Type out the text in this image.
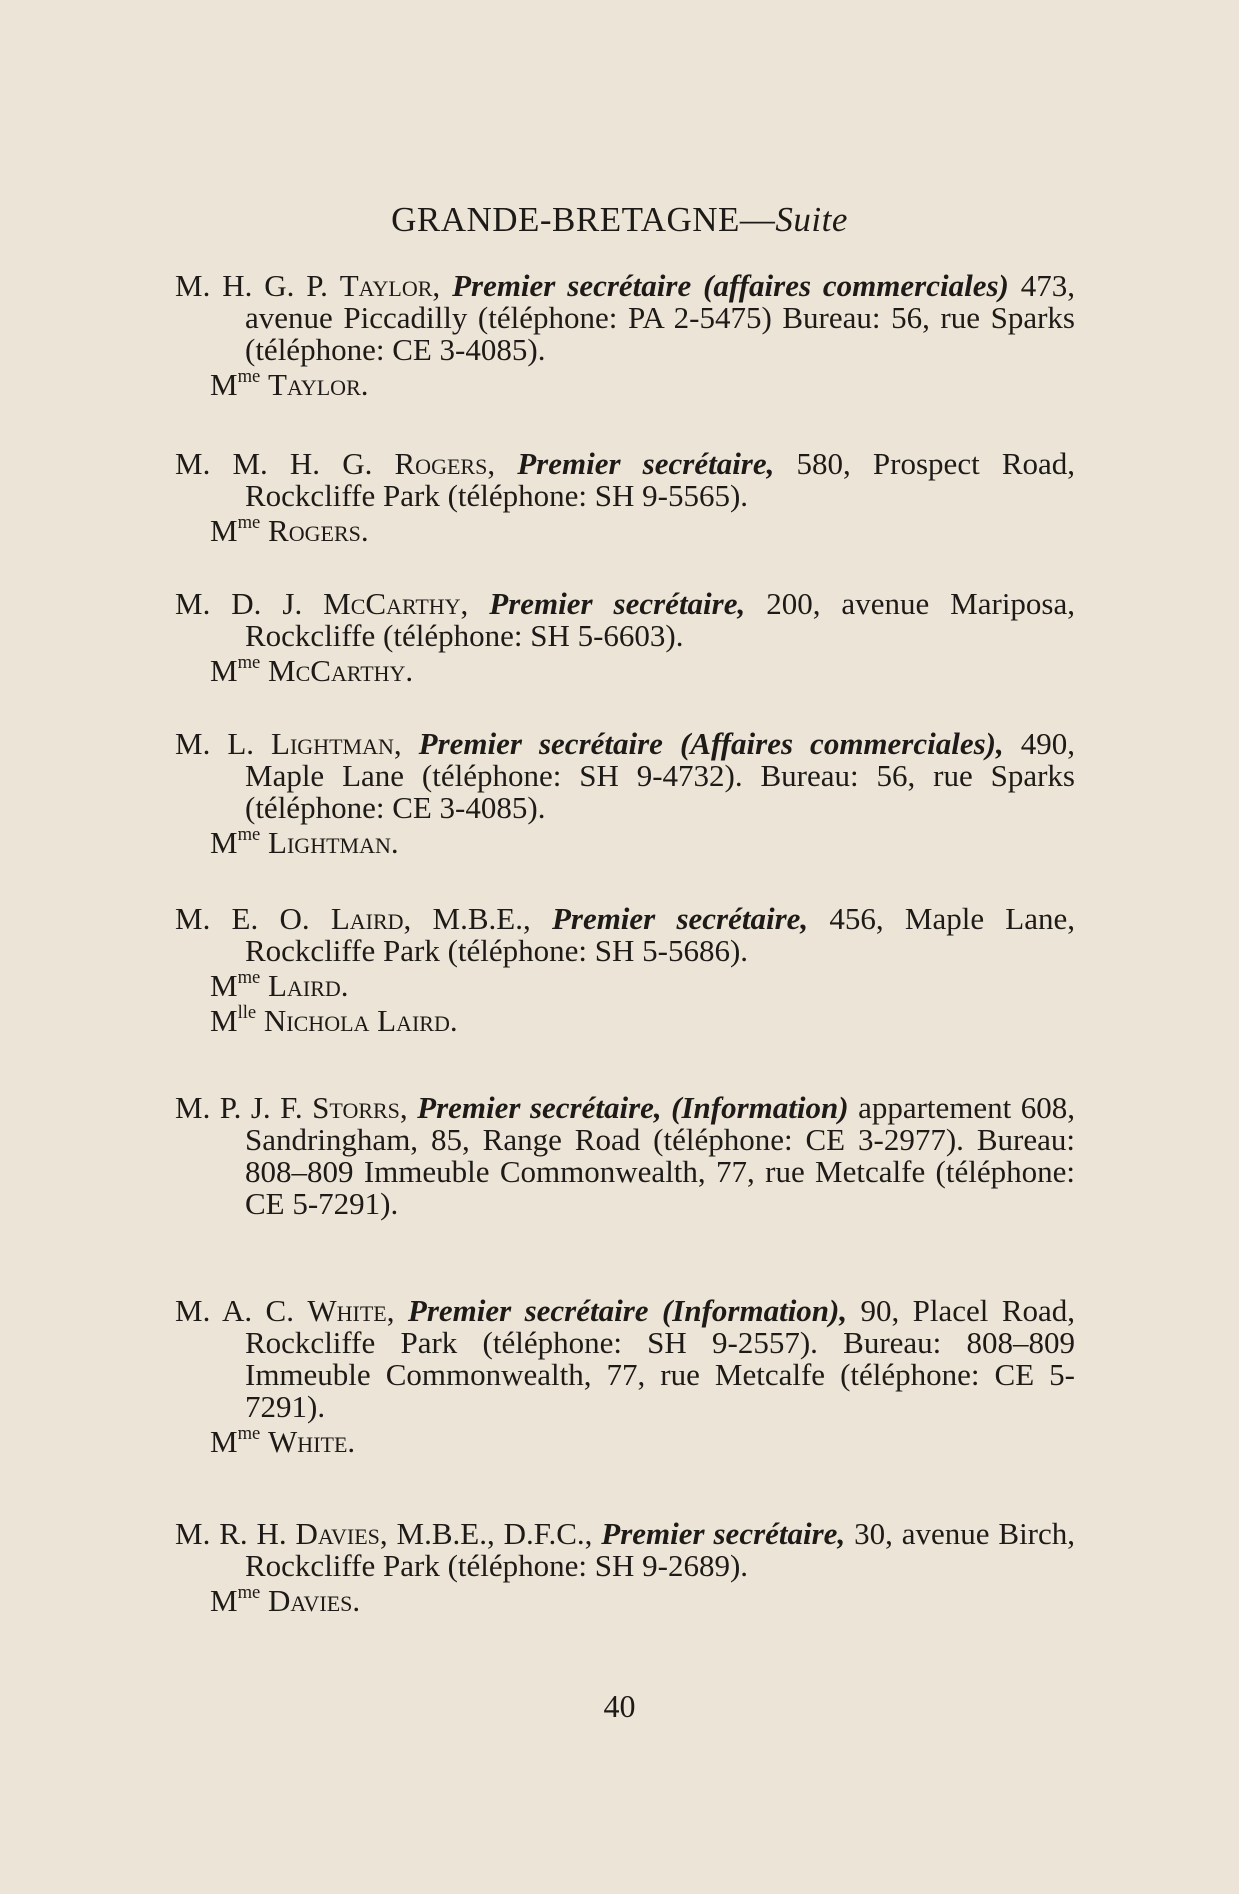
GRANDE-BRETAGNE—Suite
M. H. G. P. Taylor, Premier secrétaire (affaires commerciales) 473, avenue Piccadilly (téléphone: PA 2-5475) Bureau: 56, rue Sparks (téléphone: CE 3-4085).
$M^{me}$ Taylor.
M. M. H. G. Rogers, Premier secrétaire, 580, Prospect Road, Rockcliffe Park (téléphone: SH 9-5565).
$M^{me}$ Rogers.
M. D. J. McCarthy, Premier secrétaire, 200, avenue Mariposa, Rockcliffe (téléphone: SH 5-6603).
$M^{me}$ McCarthy.
M. L. Lightman, Premier secrétaire (Affaires commerciales), 490, Maple Lane (téléphone: SH 9-4732). Bureau: 56, rue Sparks (téléphone: CE 3-4085).
$M^{me}$ Lightman.
M. E. O. Laird, M.B.E., Premier secrétaire, 456, Maple Lane, Rockcliffe Park (téléphone: SH 5-5686).
$M^{me}$ Laird.
$M^{lle}$ Nichola Laird.
M. P. J. F. Storrs, Premier secrétaire, (Information) appartement 608, Sandringham, 85, Range Road (téléphone: CE 3-2977). Bureau: 808–809 Immeuble Commonwealth, 77, rue Metcalfe (téléphone: CE 5-7291).
M. A. C. White, Premier secrétaire (Information), 90, Placel Road, Rockcliffe Park (téléphone: SH 9-2557). Bureau: 808–809 Immeuble Commonwealth, 77, rue Metcalfe (téléphone: CE 5-7291).
$M^{me}$ White.
M. R. H. Davies, M.B.E., D.F.C., Premier secrétaire, 30, avenue Birch, Rockcliffe Park (téléphone: SH 9-2689).
$M^{me}$ Davies.
40
